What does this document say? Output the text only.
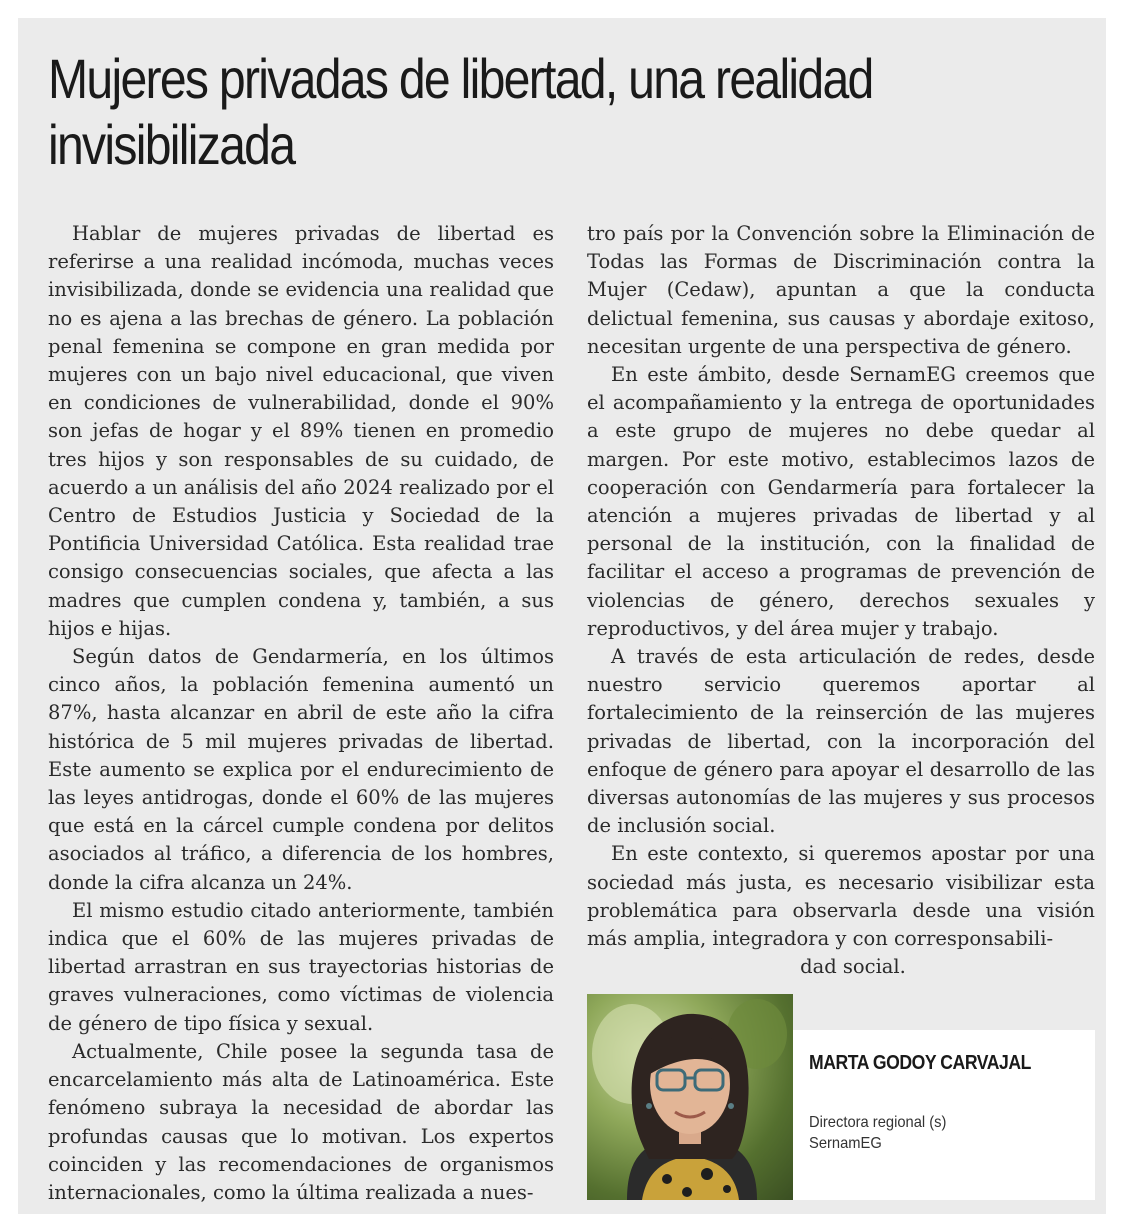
Mujeres privadas de libertad, una realidad invisibilizada

Hablar de mujeres privadas de libertad es referirse a una realidad incómoda, muchas veces invisibilizada, donde se evidencia una realidad que no es ajena a las brechas de género. La población penal femenina se compone en gran medida por mujeres con un bajo nivel educacional, que viven en condiciones de vulnerabilidad, donde el 90% son jefas de hogar y el 89% tienen en promedio tres hijos y son responsables de su cuidado, de acuerdo a un análisis del año 2024 realizado por el Centro de Estudios Justicia y Sociedad de la Pontificia Universidad Católica. Esta realidad trae consigo consecuencias sociales, que afecta a las madres que cumplen condena y, también, a sus hijos e hijas.

Según datos de Gendarmería, en los últimos cinco años, la población femenina aumentó un 87%, hasta alcanzar en abril de este año la cifra histórica de 5 mil mujeres privadas de libertad. Este aumento se explica por el endurecimiento de las leyes antidrogas, donde el 60% de las mujeres que está en la cárcel cumple condena por delitos asociados al tráfico, a diferencia de los hombres, donde la cifra alcanza un 24%.

El mismo estudio citado anteriormente, también indica que el 60% de las mujeres privadas de libertad arrastran en sus trayectorias historias de graves vulneraciones, como víctimas de violencia de género de tipo física y sexual.

Actualmente, Chile posee la segunda tasa de encarcelamiento más alta de Latinoamérica. Este fenómeno subraya la necesidad de abordar las profundas causas que lo motivan. Los expertos coinciden y las recomendaciones de organismos internacionales, como la última realizada a nues-

tro país por la Convención sobre la Eliminación de Todas las Formas de Discriminación contra la Mujer (Cedaw), apuntan a que la conducta delictual femenina, sus causas y abordaje exitoso, necesitan urgente de una perspectiva de género.

En este ámbito, desde SernamEG creemos que el acompañamiento y la entrega de oportunidades a este grupo de mujeres no debe quedar al margen. Por este motivo, establecimos lazos de cooperación con Gendarmería para fortalecer la atención a mujeres privadas de libertad y al personal de la institución, con la finalidad de facilitar el acceso a programas de prevención de violencias de género, derechos sexuales y reproductivos, y del área mujer y trabajo.

A través de esta articulación de redes, desde nuestro servicio queremos aportar al fortalecimiento de la reinserción de las mujeres privadas de libertad, con la incorporación del enfoque de género para apoyar el desarrollo de las diversas autonomías de las mujeres y sus procesos de inclusión social.

En este contexto, si queremos apostar por una sociedad más justa, es necesario visibilizar esta problemática para observarla desde una visión más amplia, integradora y con corresponsabili-

dad social.

MARTA GODOY CARVAJAL
Directora regional (s)
SernamEG
